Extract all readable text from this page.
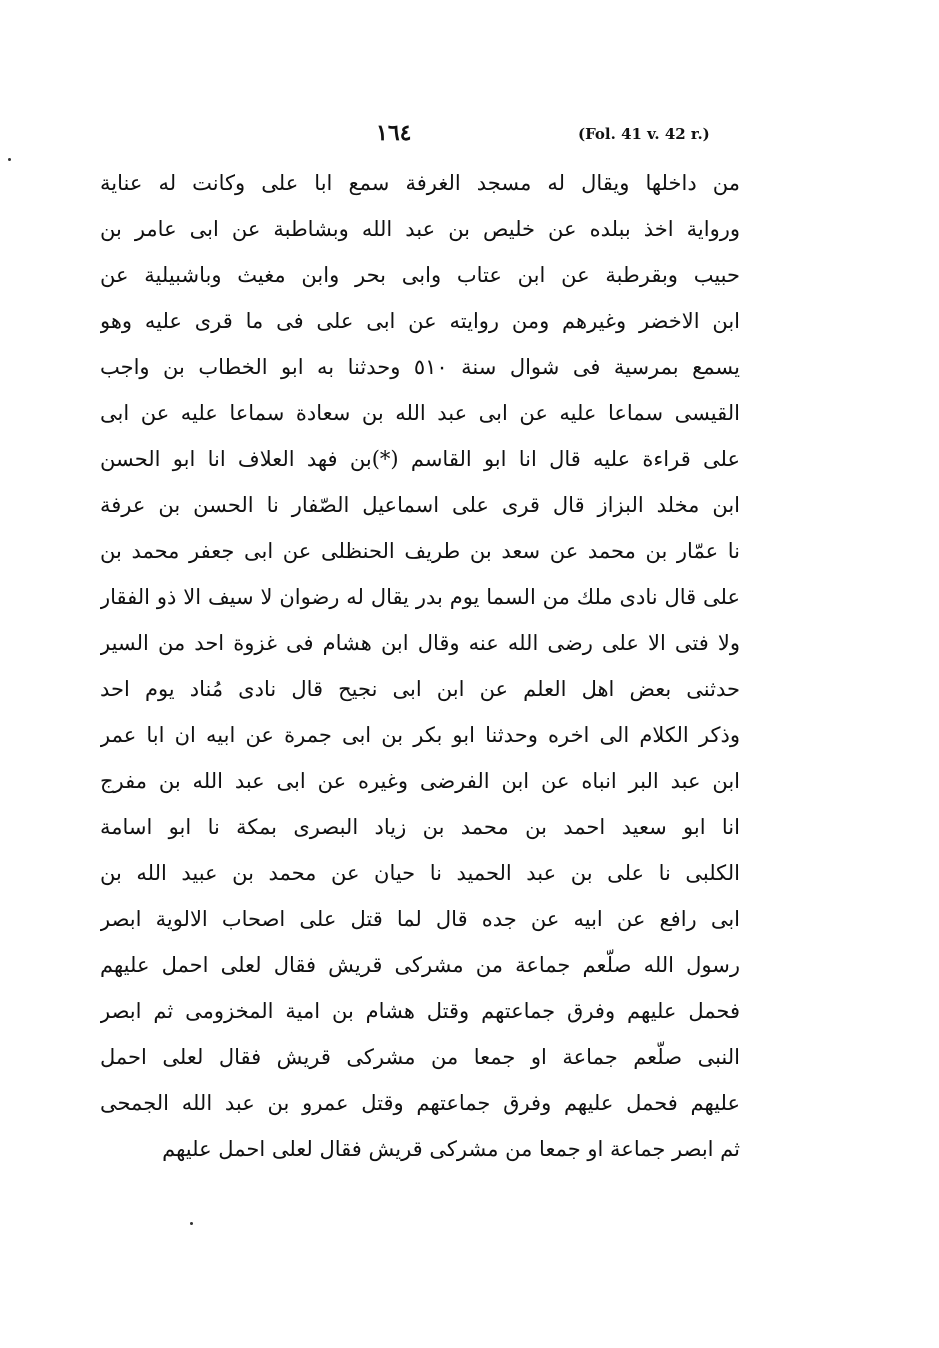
١٦٤	(Fol. 41 v. 42 r.)
من داخلها ويقال له مسجد الغرفة سمع ابا على وكانت له عناية
ورواية اخذ ببلده عن خليص بن عبد الله وبشاطبة عن ابى عامر بن
حبيب وبقرطبة عن ابن عتاب وابى بحر وابن مغيث وباشبيلية عن
ابن الاخضر وغيرهم ومن روايته عن ابى على فى ما قرى عليه وهو
يسمع بمرسية فى شوال سنة ٥١٠ وحدثنا به ابو الخطاب بن واجب
القيسى سماعا عليه عن ابى عبد الله بن سعادة سماعا عليه عن ابى
على قراءة عليه قال انا ابو القاسم (*)بن فهد العلاف انا ابو الحسن
ابن مخلد البزاز قال قرى على اسماعيل الصّفار نا الحسن بن عرفة
نا عمّار بن محمد عن سعد بن طريف الحنظلى عن ابى جعفر محمد بن
على قال نادى ملك من السما يوم بدر يقال له رضوان لا سيف الا ذو الفقار
ولا فتى الا على رضى الله عنه وقال ابن هشام فى غزوة احد من السير
حدثنى بعض اهل العلم عن ابن ابى نجيح قال نادى مُناد يوم احد
وذكر الكلام الى اخره وحدثنا ابو بكر بن ابى جمرة عن ابيه ان ابا عمر
ابن عبد البر انباه عن ابن الفرضى وغيره عن ابى عبد الله بن مفرج
انا ابو سعيد احمد بن محمد بن زياد البصرى بمكة نا ابو اسامة
الكلبى نا على بن عبد الحميد نا حيان عن محمد بن عبيد الله بن
ابى رافع عن ابيه عن جده قال لما قتل على اصحاب الالوية ابصر
رسول الله صلّعم جماعة من مشركى قريش فقال لعلى احمل عليهم
فحمل عليهم وفرق جماعتهم وقتل هشام بن امية المخزومى ثم ابصر
النبى صلّعم جماعة او جمعا من مشركى قريش فقال لعلى احمل
عليهم فحمل عليهم وفرق جماعتهم وقتل عمرو بن عبد الله الجمحى
ثم ابصر جماعة او جمعا من مشركى قريش فقال لعلى احمل عليهم
